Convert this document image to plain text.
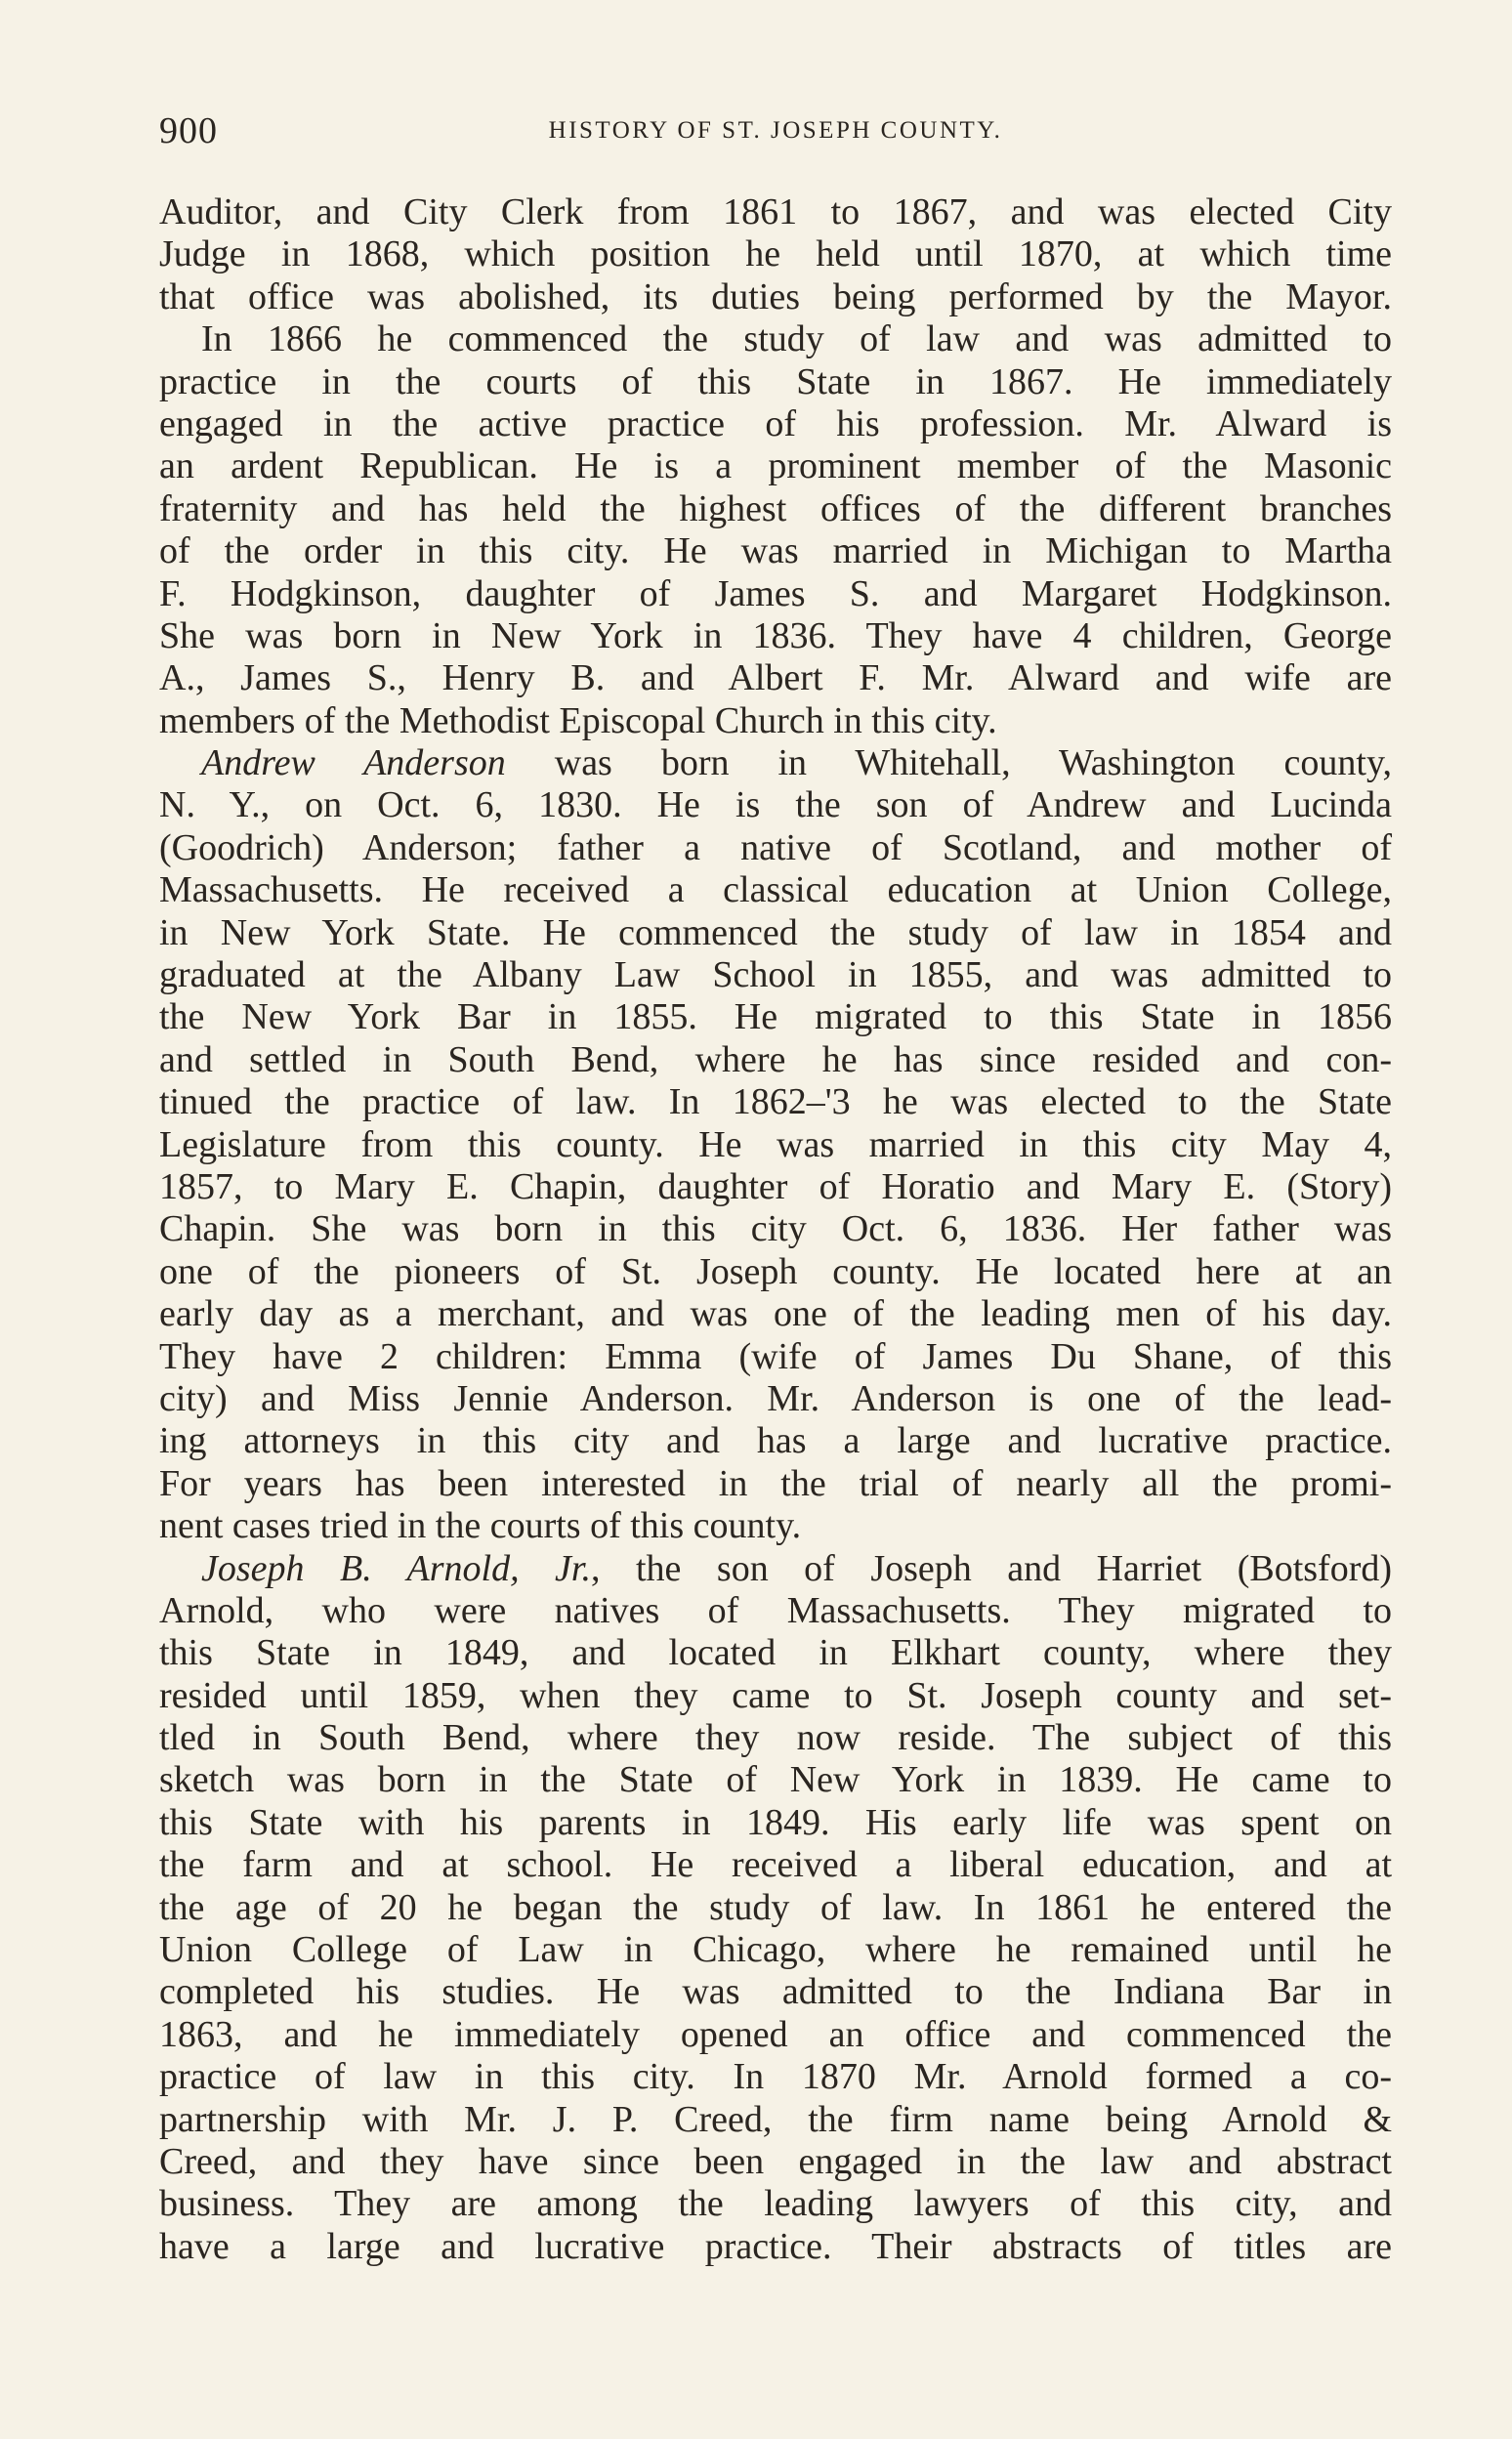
900	HISTORY OF ST. JOSEPH COUNTY.
Auditor, and City Clerk from 1861 to 1867, and was elected City
Judge in 1868, which position he held until 1870, at which time
that office was abolished, its duties being performed by the Mayor.
In 1866 he commenced the study of law and was admitted to
practice in the courts of this State in 1867. He immediately
engaged in the active practice of his profession. Mr. Alward is
an ardent Republican. He is a prominent member of the Masonic
fraternity and has held the highest offices of the different branches
of the order in this city. He was married in Michigan to Martha
F. Hodgkinson, daughter of James S. and Margaret Hodgkinson.
She was born in New York in 1836. They have 4 children, George
A., James S., Henry B. and Albert F. Mr. Alward and wife are
members of the Methodist Episcopal Church in this city.
Andrew Anderson was born in Whitehall, Washington county,
N. Y., on Oct. 6, 1830. He is the son of Andrew and Lucinda
(Goodrich) Anderson; father a native of Scotland, and mother of
Massachusetts. He received a classical education at Union College,
in New York State. He commenced the study of law in 1854 and
graduated at the Albany Law School in 1855, and was admitted to
the New York Bar in 1855. He migrated to this State in 1856
and settled in South Bend, where he has since resided and con-
tinued the practice of law. In 1862–'3 he was elected to the State
Legislature from this county. He was married in this city May 4,
1857, to Mary E. Chapin, daughter of Horatio and Mary E. (Story)
Chapin. She was born in this city Oct. 6, 1836. Her father was
one of the pioneers of St. Joseph county. He located here at an
early day as a merchant, and was one of the leading men of his day.
They have 2 children: Emma (wife of James Du Shane, of this
city) and Miss Jennie Anderson. Mr. Anderson is one of the lead-
ing attorneys in this city and has a large and lucrative practice.
For years has been interested in the trial of nearly all the promi-
nent cases tried in the courts of this county.
Joseph B. Arnold, Jr., the son of Joseph and Harriet (Botsford)
Arnold, who were natives of Massachusetts. They migrated to
this State in 1849, and located in Elkhart county, where they
resided until 1859, when they came to St. Joseph county and set-
tled in South Bend, where they now reside. The subject of this
sketch was born in the State of New York in 1839. He came to
this State with his parents in 1849. His early life was spent on
the farm and at school. He received a liberal education, and at
the age of 20 he began the study of law. In 1861 he entered the
Union College of Law in Chicago, where he remained until he
completed his studies. He was admitted to the Indiana Bar in
1863, and he immediately opened an office and commenced the
practice of law in this city. In 1870 Mr. Arnold formed a co-
partnership with Mr. J. P. Creed, the firm name being Arnold &
Creed, and they have since been engaged in the law and abstract
business. They are among the leading lawyers of this city, and
have a large and lucrative practice. Their abstracts of titles are
